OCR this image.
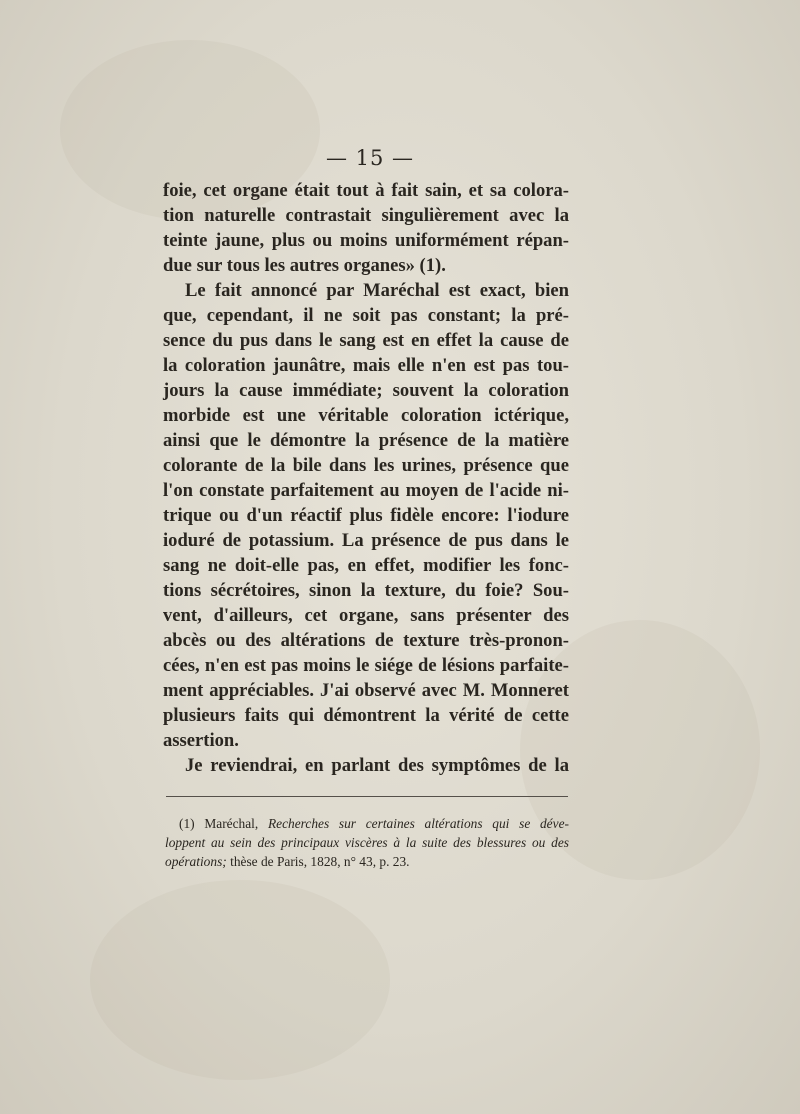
— 15 —
foie, cet organe était tout à fait sain, et sa colora-
tion naturelle contrastait singulièrement avec la
teinte jaune, plus ou moins uniformément répan-
due sur tous les autres organes» (1).
Le fait annoncé par Maréchal est exact, bien
que, cependant, il ne soit pas constant; la pré-
sence du pus dans le sang est en effet la cause de
la coloration jaunâtre, mais elle n'en est pas tou-
jours la cause immédiate; souvent la coloration
morbide est une véritable coloration ictérique,
ainsi que le démontre la présence de la matière
colorante de la bile dans les urines, présence que
l'on constate parfaitement au moyen de l'acide ni-
trique ou d'un réactif plus fidèle encore: l'iodure
ioduré de potassium. La présence de pus dans le
sang ne doit-elle pas, en effet, modifier les fonc-
tions sécrétoires, sinon la texture, du foie? Sou-
vent, d'ailleurs, cet organe, sans présenter des
abcès ou des altérations de texture très-pronon-
cées, n'en est pas moins le siége de lésions parfaite-
ment appréciables. J'ai observé avec M. Monneret
plusieurs faits qui démontrent la vérité de cette
assertion.
Je reviendrai, en parlant des symptômes de la
(1) Maréchal, Recherches sur certaines altérations qui se déve-
loppent au sein des principaux viscères à la suite des blessures ou des
opérations; thèse de Paris, 1828, n° 43, p. 23.
